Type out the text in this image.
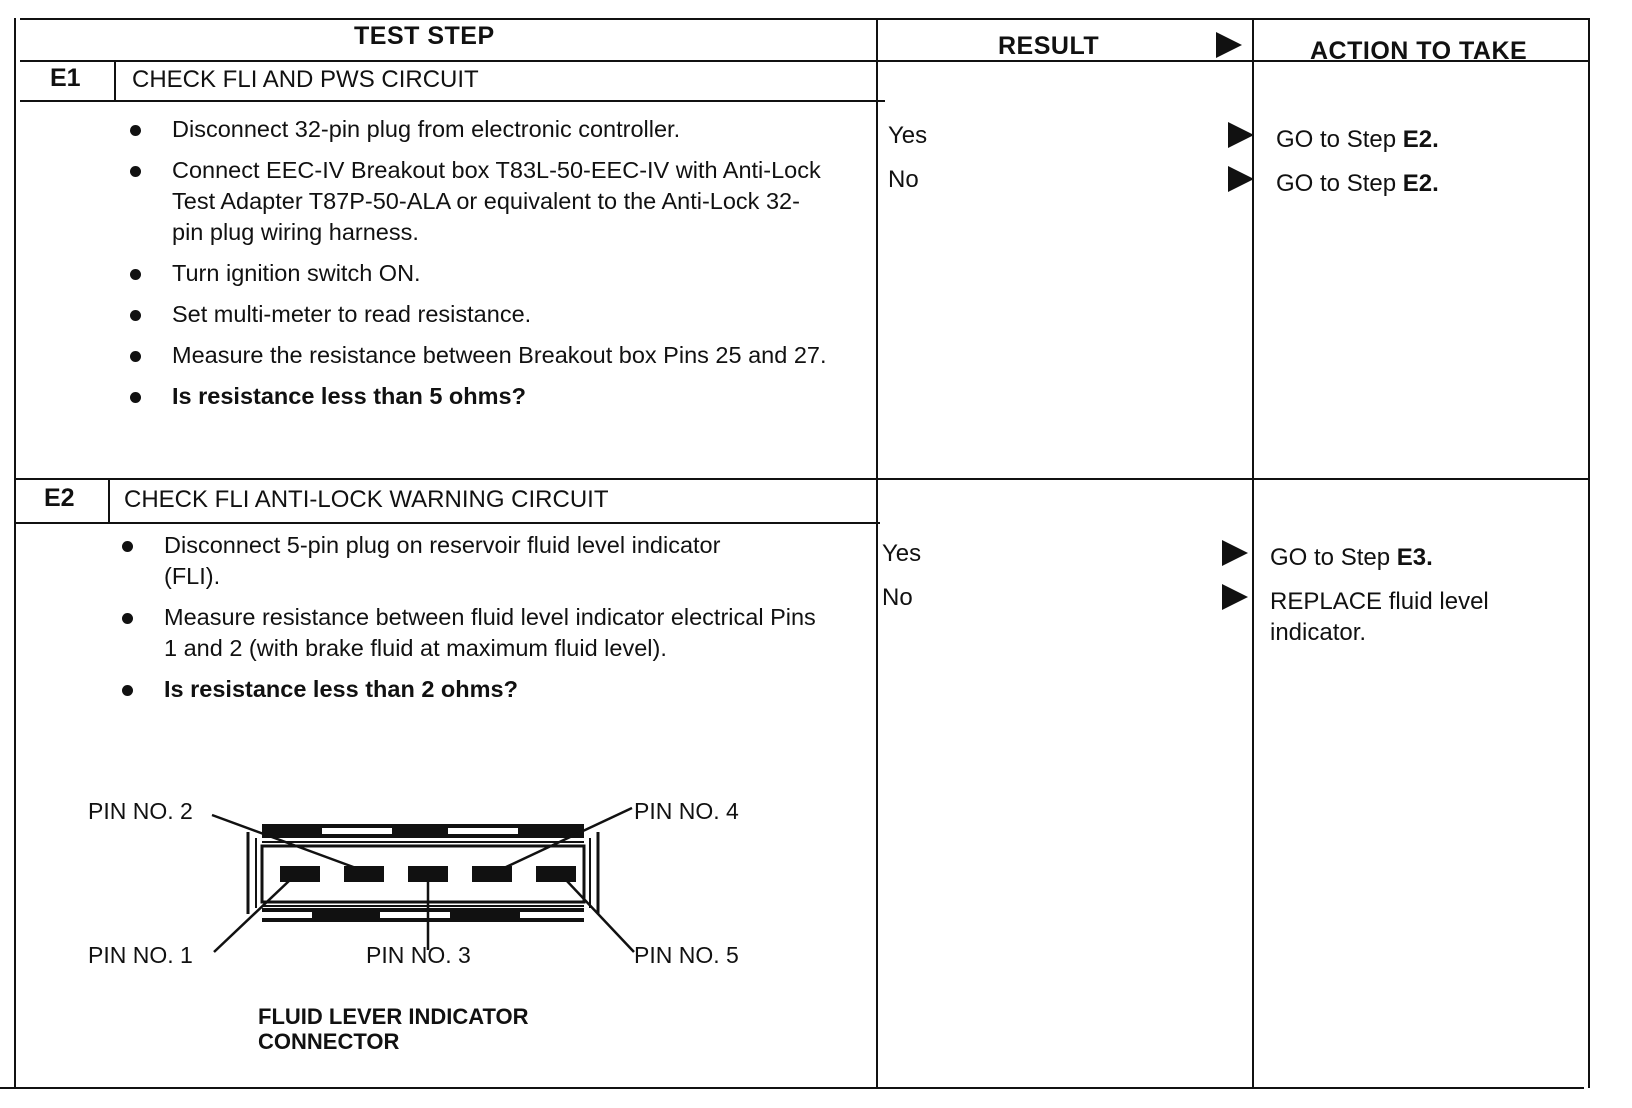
TEST STEP	RESULT	ACTION TO TAKE
E1 CHECK FLI AND PWS CIRCUIT
Disconnect 32-pin plug from electronic controller.
Connect EEC-IV Breakout box T83L-50-EEC-IV with Anti-Lock Test Adapter T87P-50-ALA or equivalent to the Anti-Lock 32-pin plug wiring harness.
Turn ignition switch ON.
Set multi-meter to read resistance.
Measure the resistance between Breakout box Pins 25 and 27.
Is resistance less than 5 ohms?
Yes	GO to Step E2.
No	GO to Step E2.
E2 CHECK FLI ANTI-LOCK WARNING CIRCUIT
Disconnect 5-pin plug on reservoir fluid level indicator (FLI).
Measure resistance between fluid level indicator electrical Pins 1 and 2 (with brake fluid at maximum fluid level).
Is resistance less than 2 ohms?
Yes	GO to Step E3.
No	REPLACE fluid level indicator.
PIN NO. 2	PIN NO. 4
PIN NO. 1	PIN NO. 3	PIN NO. 5
FLUID LEVER INDICATOR
CONNECTOR
